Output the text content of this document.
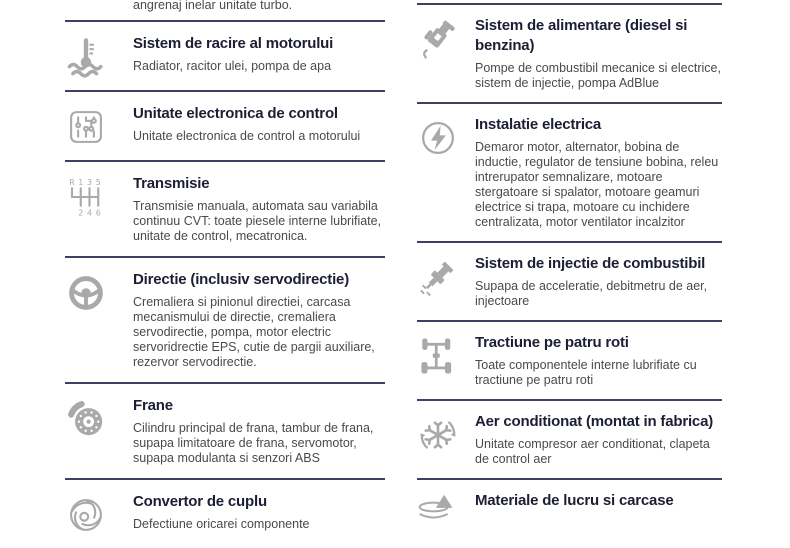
angrenaj inelar unitate turbo.

Sistem de racire al motorului

Radiator, racitor ulei, pompa de apa

Unitate electronica de control

Unitate electronica de control a motorului

R 1 3 5
2 4 6
Transmisie

Transmisie manuala, automata sau variabila continuu CVT: toate piesele interne lubrifiate, unitate de control, mecatronica.

Directie (inclusiv servodirectie)

Cremaliera si pinionul directiei, carcasa mecanismului de directie, cremaliera servodirectie, pompa, motor electric servoridrectie EPS, cutie de pargii auxiliare, rezervor servodirectie.

Frane

Cilindru principal de frana, tambur de frana, supapa limitatoare de frana, servomotor, supapa modulanta si senzori ABS

Convertor de cuplu

Defectiune oricarei componente

Sistem de alimentare (diesel si benzina)

Pompe de combustibil mecanice si electrice, sistem de injectie, pompa AdBlue

Instalatie electrica

Demaror motor, alternator, bobina de inductie, regulator de tensiune bobina, releu intrerupator semnalizare, motoare stergatoare si spalator, motoare geamuri electrice si trapa, motoare cu inchidere centralizata, motor ventilator incalzitor

Sistem de injectie de combustibil

Supapa de acceleratie, debitmetru de aer, injectoare

Tractiune pe patru roti

Toate componentele interne lubrifiate cu tractiune pe patru roti

Aer conditionat (montat in fabrica)

Unitate compresor aer conditionat, clapeta de control aer

Materiale de lucru si carcase
